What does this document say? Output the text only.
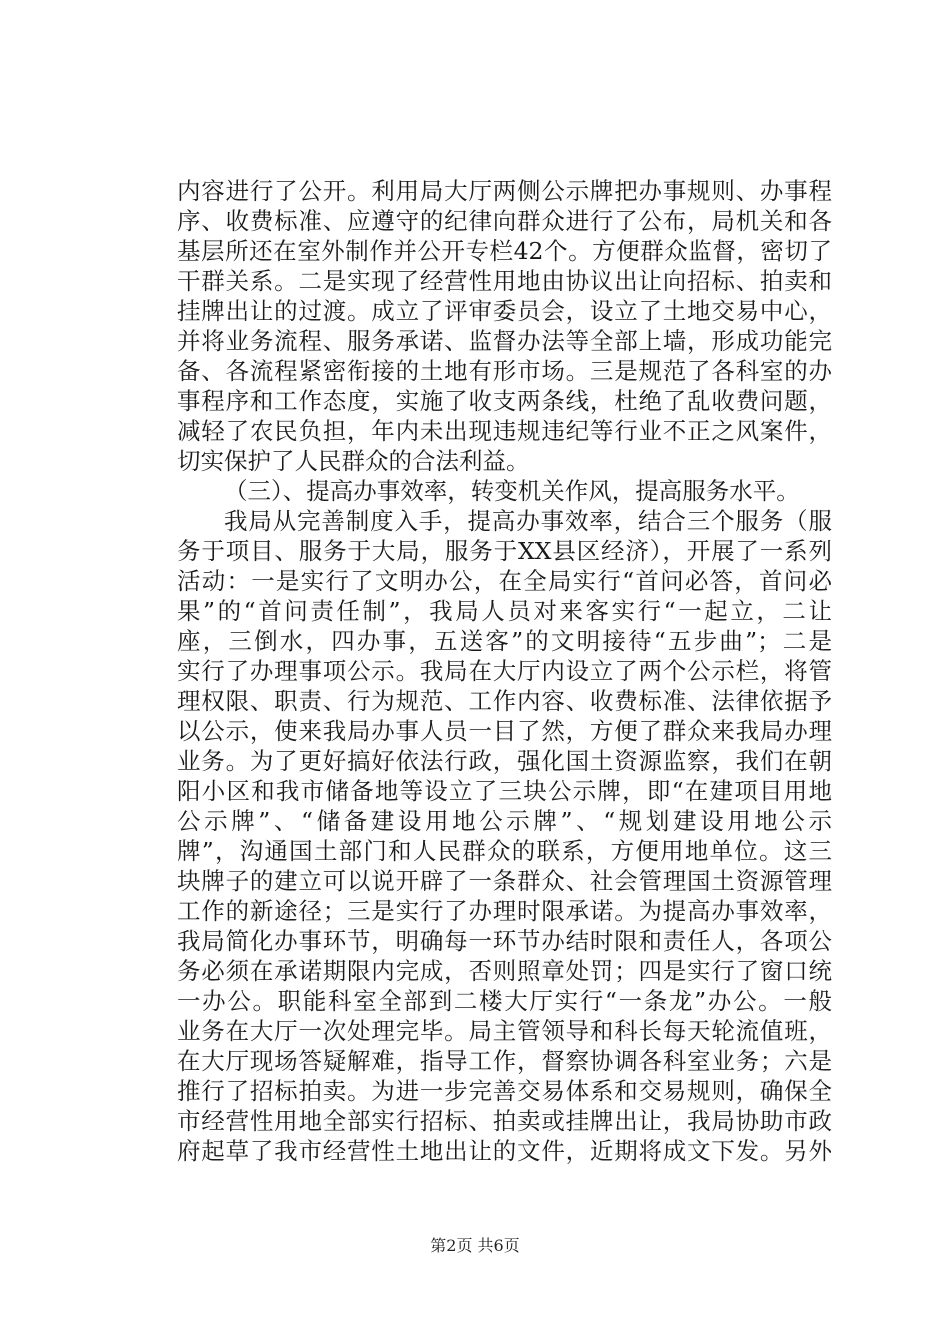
内容进行了公开。利用局大厅两侧公示牌把办事规则、办事程
序、收费标准、应遵守的纪律向群众进行了公布，局机关和各
基层所还在室外制作并公开专栏42个。方便群众监督，密切了
干群关系。二是实现了经营性用地由协议出让向招标、拍卖和
挂牌出让的过渡。成立了评审委员会，设立了土地交易中心，
并将业务流程、服务承诺、监督办法等全部上墙，形成功能完
备、各流程紧密衔接的土地有形市场。三是规范了各科室的办
事程序和工作态度，实施了收支两条线，杜绝了乱收费问题，
减轻了农民负担，年内未出现违规违纪等行业不正之风案件，
切实保护了人民群众的合法利益。
（三）、提高办事效率，转变机关作风，提高服务水平。
我局从完善制度入手，提高办事效率，结合三个服务（服
务于项目、服务于大局，服务于XX县区经济），开展了一系列
活动：一是实行了文明办公，在全局实行“首问必答，首问必
果”的“首问责任制”，我局人员对来客实行“一起立，二让
座，三倒水，四办事，五送客”的文明接待“五步曲”；二是
实行了办理事项公示。我局在大厅内设立了两个公示栏，将管
理权限、职责、行为规范、工作内容、收费标准、法律依据予
以公示，使来我局办事人员一目了然，方便了群众来我局办理
业务。为了更好搞好依法行政，强化国土资源监察，我们在朝
阳小区和我市储备地等设立了三块公示牌，即“在建项目用地
公示牌”、“储备建设用地公示牌”、“规划建设用地公示
牌”，沟通国土部门和人民群众的联系，方便用地单位。这三
块牌子的建立可以说开辟了一条群众、社会管理国土资源管理
工作的新途径；三是实行了办理时限承诺。为提高办事效率，
我局简化办事环节，明确每一环节办结时限和责任人，各项公
务必须在承诺期限内完成，否则照章处罚；四是实行了窗口统
一办公。职能科室全部到二楼大厅实行“一条龙”办公。一般
业务在大厅一次处理完毕。局主管领导和科长每天轮流值班，
在大厅现场答疑解难，指导工作，督察协调各科室业务；六是
推行了招标拍卖。为进一步完善交易体系和交易规则，确保全
市经营性用地全部实行招标、拍卖或挂牌出让，我局协助市政
府起草了我市经营性土地出让的文件，近期将成文下发。另外
第2页 共6页
